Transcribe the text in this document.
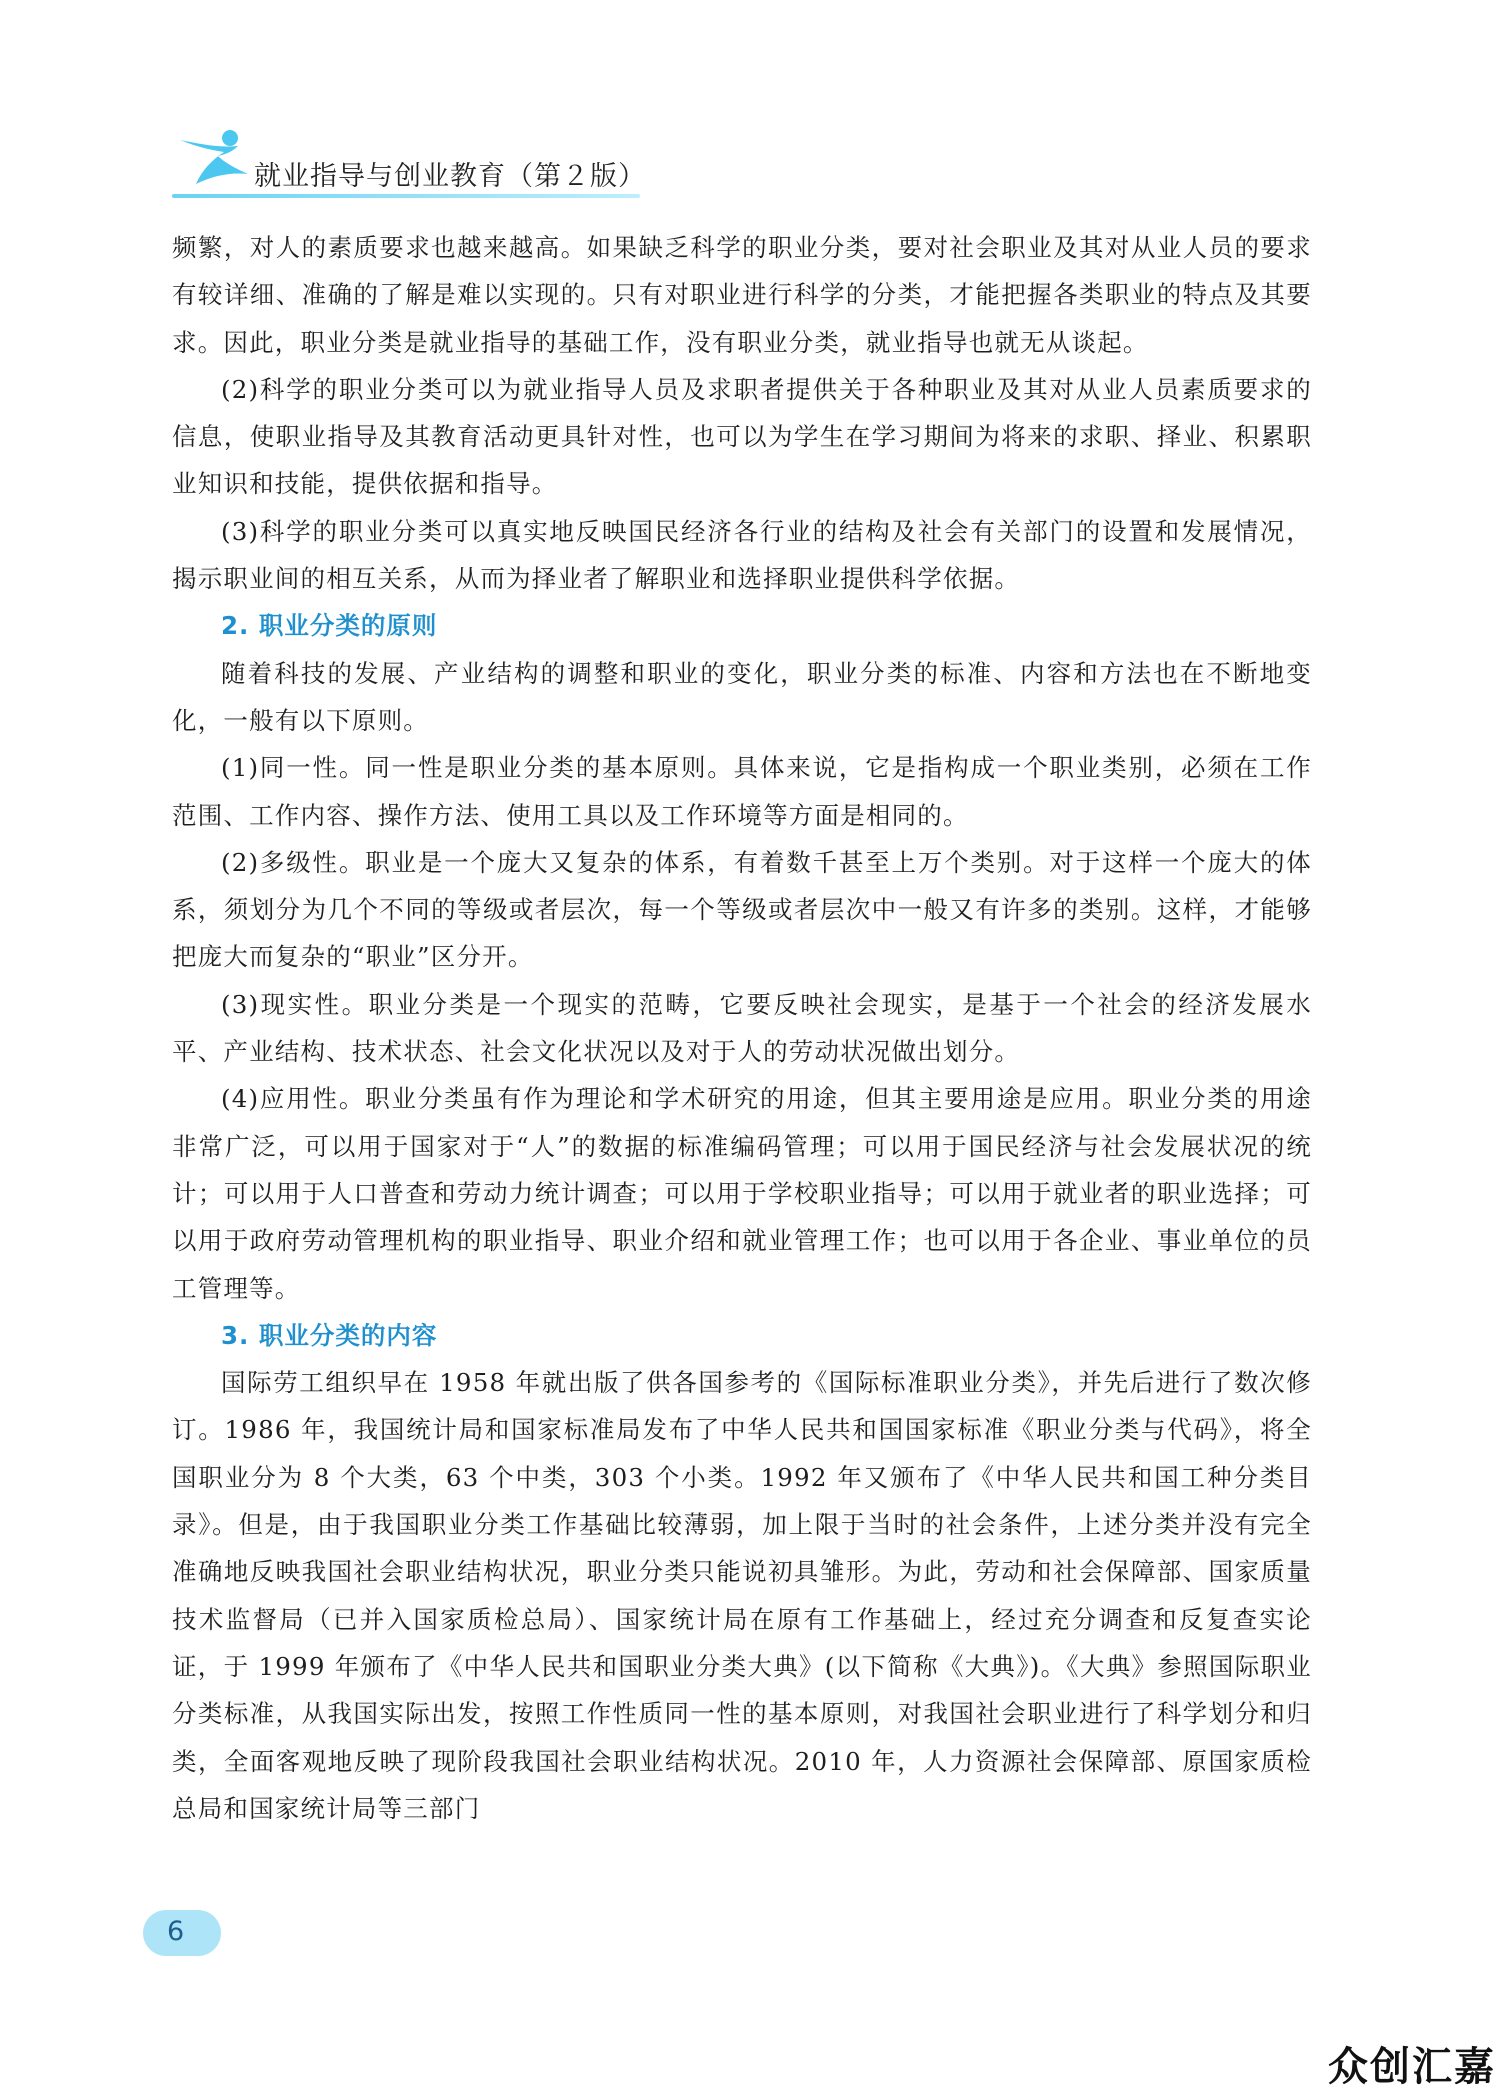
就业指导与创业教育（第２版）

频繁，对人的素质要求也越来越高。如果缺乏科学的职业分类，要对社会职业及其对从业人员的要求有较详细、准确的了解是难以实现的。只有对职业进行科学的分类，才能把握各类职业的特点及其要求。因此，职业分类是就业指导的基础工作，没有职业分类，就业指导也就无从谈起。

(2)科学的职业分类可以为就业指导人员及求职者提供关于各种职业及其对从业人员素质要求的信息，使职业指导及其教育活动更具针对性，也可以为学生在学习期间为将来的求职、择业、积累职业知识和技能，提供依据和指导。

(3)科学的职业分类可以真实地反映国民经济各行业的结构及社会有关部门的设置和发展情况，揭示职业间的相互关系，从而为择业者了解职业和选择职业提供科学依据。

2. 职业分类的原则

随着科技的发展、产业结构的调整和职业的变化，职业分类的标准、内容和方法也在不断地变化，一般有以下原则。

(1)同一性。同一性是职业分类的基本原则。具体来说，它是指构成一个职业类别，必须在工作范围、工作内容、操作方法、使用工具以及工作环境等方面是相同的。

(2)多级性。职业是一个庞大又复杂的体系，有着数千甚至上万个类别。对于这样一个庞大的体系，须划分为几个不同的等级或者层次，每一个等级或者层次中一般又有许多的类别。这样，才能够把庞大而复杂的“职业”区分开。

(3)现实性。职业分类是一个现实的范畴，它要反映社会现实，是基于一个社会的经济发展水平、产业结构、技术状态、社会文化状况以及对于人的劳动状况做出划分。

(4)应用性。职业分类虽有作为理论和学术研究的用途，但其主要用途是应用。职业分类的用途非常广泛，可以用于国家对于“人”的数据的标准编码管理；可以用于国民经济与社会发展状况的统计；可以用于人口普查和劳动力统计调查；可以用于学校职业指导；可以用于就业者的职业选择；可以用于政府劳动管理机构的职业指导、职业介绍和就业管理工作；也可以用于各企业、事业单位的员工管理等。

3. 职业分类的内容

国际劳工组织早在 1958 年就出版了供各国参考的《国际标准职业分类》，并先后进行了数次修订。1986 年，我国统计局和国家标准局发布了中华人民共和国国家标准《职业分类与代码》，将全国职业分为 8 个大类，63 个中类，303 个小类。1992 年又颁布了《中华人民共和国工种分类目录》。但是，由于我国职业分类工作基础比较薄弱，加上限于当时的社会条件，上述分类并没有完全准确地反映我国社会职业结构状况，职业分类只能说初具雏形。为此，劳动和社会保障部、国家质量技术监督局（已并入国家质检总局）、国家统计局在原有工作基础上，经过充分调查和反复查实论证，于 1999 年颁布了《中华人民共和国职业分类大典》(以下简称《大典》)。《大典》参照国际职业分类标准，从我国实际出发，按照工作性质同一性的基本原则，对我国社会职业进行了科学划分和归类，全面客观地反映了现阶段我国社会职业结构状况。2010 年，人力资源社会保障部、原国家质检总局和国家统计局等三部门

6
众创汇嘉
